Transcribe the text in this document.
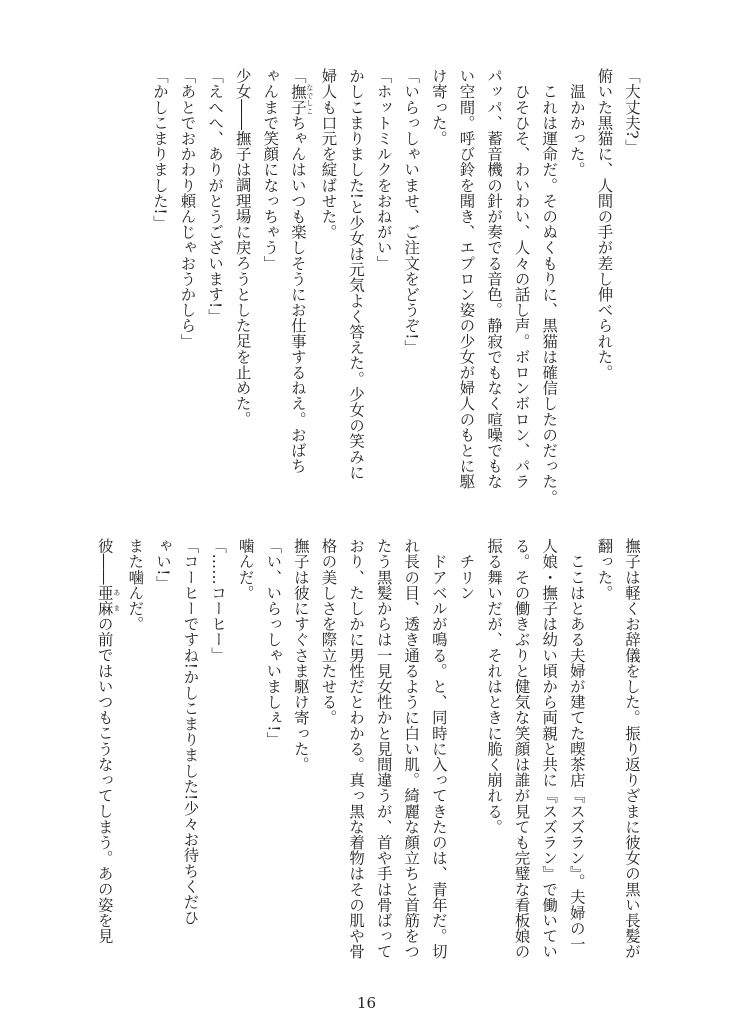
「大丈夫?」
俯いた黒猫に、人間の手が差し伸べられた。
　温かかった。
　これは運命だ。そのぬくもりに、黒猫は確信したのだった。
　ひそひそ、わいわい、人々の話し声。ボロンボロン、パラ
パッパ、蓄音機の針が奏でる音色。静寂でもなく喧噪でもな
い空間。呼び鈴を聞き、エプロン姿の少女が婦人のもとに駆
け寄った。
「いらっしゃいませ、ご注文をどうぞ!」
「ホットミルクをおねがい」
かしこまりました!と少女は元気よく答えた。少女の笑みに
婦人も口元を綻ばせた。
「撫子 なでしこちゃんはいつも楽しそうにお仕事するねえ。おばち
ゃんまで笑顔になっちゃう」
少女――撫子は調理場に戻ろうとした足を止めた。
「えへへ、ありがとうございます!」
「あとでおかわり頼んじゃおうかしら」
「かしこまりました!」
撫子は軽くお辞儀をした。振り返りざまに彼女の黒い長髪が
翻った。
　ここはとある夫婦が建てた喫茶店『スズラン』。夫婦の一
人娘・撫子は幼い頃から両親と共に『スズラン』で働いてい
る。その働きぶりと健気な笑顔は誰が見ても完璧な看板娘の
振る舞いだが、それはときに脆く崩れる。
　チリン
　ドアベルが鳴る。と、同時に入ってきたのは、青年だ。切
れ長の目、透き通るように白い肌。綺麗な顔立ちと首筋をつ
たう黒髪からは一見女性かと見間違うが、首や手は骨ばって
おり、たしかに男性だとわかる。真っ黒な着物はその肌や骨
格の美しさを際立たせる。
撫子は彼にすぐさま駆け寄った。
「い、いらっしゃいましぇ!」
噛んだ。
「……コーヒー」
「コーヒーですね!かしこまりました!少々お待ちくだひ
ゃい!」
また噛んだ。
彼――亜麻 あまの前ではいつもこうなってしまう。あの姿を見
16
